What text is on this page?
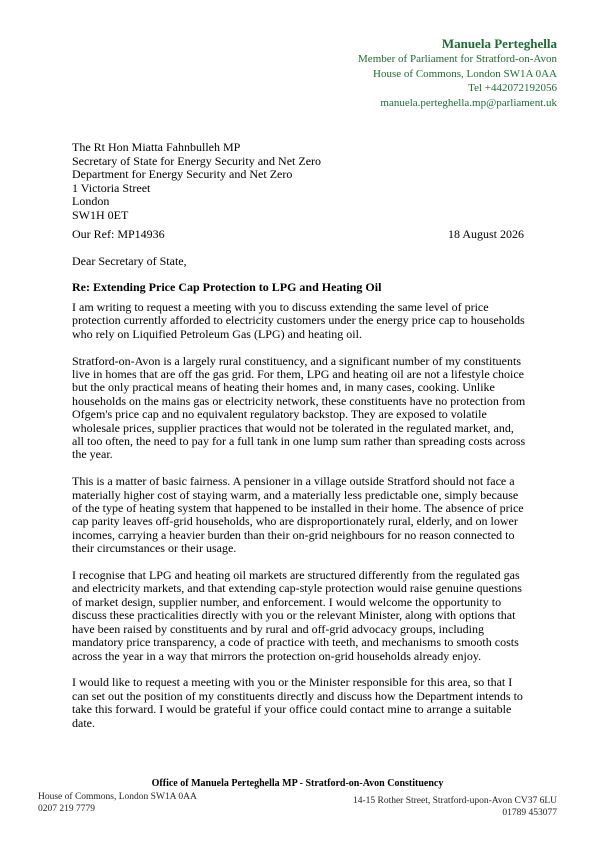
Manuela Perteghella
Member of Parliament for Stratford-on-Avon
House of Commons, London SW1A 0AA
Tel +442072192056
manuela.perteghella.mp@parliament.uk
The Rt Hon Miatta Fahnbulleh MP
Secretary of State for Energy Security and Net Zero
Department for Energy Security and Net Zero
1 Victoria Street
London
SW1H 0ET
Our Ref: MP14936	18 August 2026
Dear Secretary of State,
Re: Extending Price Cap Protection to LPG and Heating Oil

I am writing to request a meeting with you to discuss extending the same level of price protection currently afforded to electricity customers under the energy price cap to households who rely on Liquified Petroleum Gas (LPG) and heating oil.

Stratford-on-Avon is a largely rural constituency, and a significant number of my constituents live in homes that are off the gas grid. For them, LPG and heating oil are not a lifestyle choice but the only practical means of heating their homes and, in many cases, cooking. Unlike households on the mains gas or electricity network, these constituents have no protection from Ofgem's price cap and no equivalent regulatory backstop. They are exposed to volatile wholesale prices, supplier practices that would not be tolerated in the regulated market, and, all too often, the need to pay for a full tank in one lump sum rather than spreading costs across the year.

This is a matter of basic fairness. A pensioner in a village outside Stratford should not face a materially higher cost of staying warm, and a materially less predictable one, simply because of the type of heating system that happened to be installed in their home. The absence of price cap parity leaves off-grid households, who are disproportionately rural, elderly, and on lower incomes, carrying a heavier burden than their on-grid neighbours for no reason connected to their circumstances or their usage.

I recognise that LPG and heating oil markets are structured differently from the regulated gas and electricity markets, and that extending cap-style protection would raise genuine questions of market design, supplier number, and enforcement. I would welcome the opportunity to discuss these practicalities directly with you or the relevant Minister, along with options that have been raised by constituents and by rural and off-grid advocacy groups, including mandatory price transparency, a code of practice with teeth, and mechanisms to smooth costs across the year in a way that mirrors the protection on-grid households already enjoy.

I would like to request a meeting with you or the Minister responsible for this area, so that I can set out the position of my constituents directly and discuss how the Department intends to take this forward. I would be grateful if your office could contact mine to arrange a suitable date.

Office of Manuela Perteghella MP - Stratford-on-Avon Constituency
House of Commons, London SW1A 0AA
0207 219 7779
14-15 Rother Street, Stratford-upon-Avon CV37 6LU
01789 453077
